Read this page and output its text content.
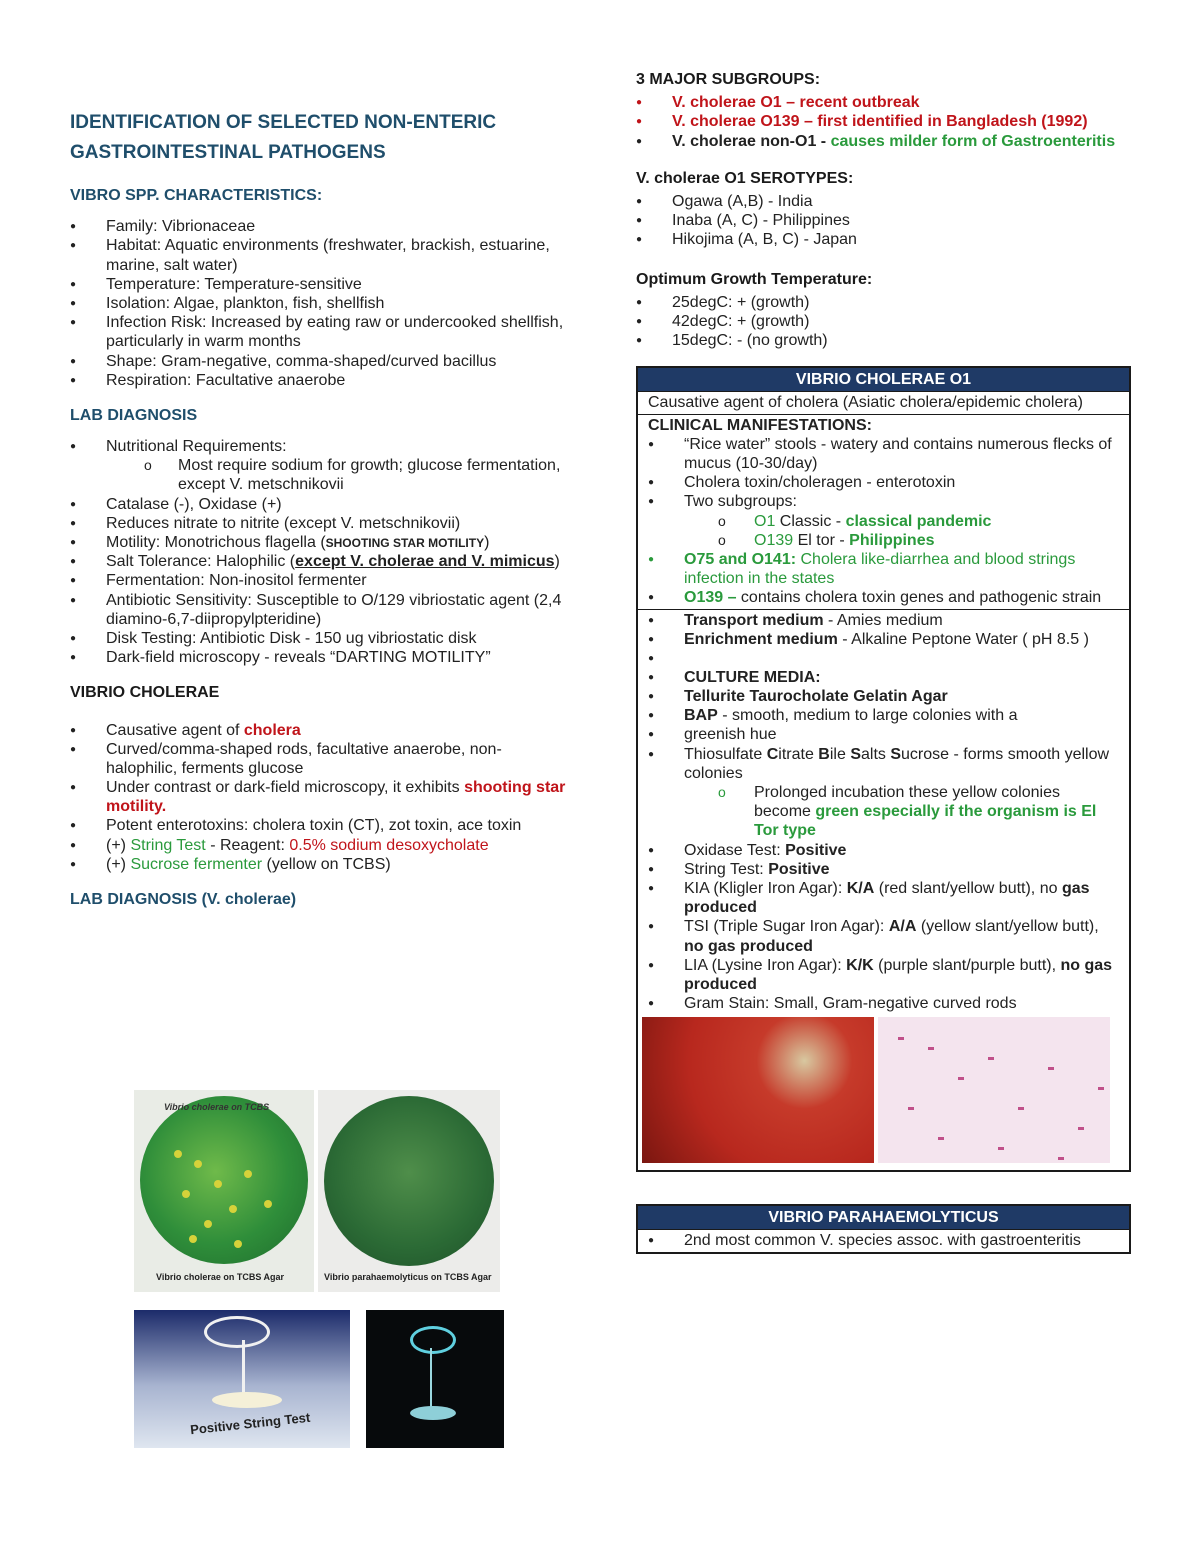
IDENTIFICATION OF SELECTED NON-ENTERIC GASTROINTESTINAL PATHOGENS
VIBRO SPP. CHARACTERISTICS:
● Family: Vibrionaceae
● Habitat: Aquatic environments (freshwater, brackish, estuarine, marine, salt water)
● Temperature: Temperature-sensitive
● Isolation: Algae, plankton, fish, shellfish
● Infection Risk: Increased by eating raw or undercooked shellfish, particularly in warm months
● Shape: Gram-negative, comma-shaped/curved bacillus
● Respiration: Facultative anaerobe
LAB DIAGNOSIS
● Nutritional Requirements:
o Most require sodium for growth; glucose fermentation, except V. metschnikovii
● Catalase (-), Oxidase (+)
● Reduces nitrate to nitrite (except V. metschnikovii)
● Motility: Monotrichous flagella (SHOOTING STAR MOTILITY)
● Salt Tolerance: Halophilic (except V. cholerae and V. mimicus)
● Fermentation: Non-inositol fermenter
● Antibiotic Sensitivity: Susceptible to O/129 vibriostatic agent (2,4 diamino-6,7-diipropylpteridine)
● Disk Testing: Antibiotic Disk - 150 ug vibriostatic disk
● Dark-field microscopy - reveals “DARTING MOTILITY”
VIBRIO CHOLERAE
● Causative agent of cholera
● Curved/comma-shaped rods, facultative anaerobe, non-halophilic, ferments glucose
● Under contrast or dark-field microscopy, it exhibits shooting star motility.
● Potent enterotoxins: cholera toxin (CT), zot toxin, ace toxin
● (+) String Test - Reagent: 0.5% sodium desoxycholate
● (+) Sucrose fermenter (yellow on TCBS)
LAB DIAGNOSIS (V. cholerae)
Vibrio cholerae on TCBS
Vibrio cholerae on TCBS Agar	Vibrio parahaemolyticus on TCBS Agar
Positive String Test
3 MAJOR SUBGROUPS:
● V. cholerae O1 – recent outbreak
● V. cholerae O139 – first identified in Bangladesh (1992)
● V. cholerae non-O1 - causes milder form of Gastroenteritis
V. cholerae O1 SEROTYPES:
● Ogawa (A,B) - India
● Inaba (A, C) - Philippines
● Hikojima (A, B, C) - Japan
Optimum Growth Temperature:
● 25degC: + (growth)
● 42degC: + (growth)
● 15degC: - (no growth)
VIBRIO CHOLERAE O1
Causative agent of cholera (Asiatic cholera/epidemic cholera)

CLINICAL MANIFESTATIONS:
● “Rice water” stools - watery and contains numerous flecks of mucus (10-30/day)
● Cholera toxin/choleragen - enterotoxin
● Two subgroups:
o O1 Classic - classical pandemic
o O139 El tor - Philippines
● O75 and O141: Cholera like-diarrhea and blood strings infection in the states
● O139 – contains cholera toxin genes and pathogenic strain

● Transport medium - Amies medium
● Enrichment medium - Alkaline Peptone Water ( pH 8.5 )
●
● CULTURE MEDIA:
● Tellurite Taurocholate Gelatin Agar
● BAP - smooth, medium to large colonies with a
● greenish hue
● Thiosulfate Citrate Bile Salts Sucrose - forms smooth yellow colonies
o Prolonged incubation these yellow colonies become green especially if the organism is El Tor type
● Oxidase Test: Positive
● String Test: Positive
● KIA (Kligler Iron Agar): K/A (red slant/yellow butt), no gas produced
● TSI (Triple Sugar Iron Agar): A/A (yellow slant/yellow butt), no gas produced
● LIA (Lysine Iron Agar): K/K (purple slant/purple butt), no gas produced
● Gram Stain: Small, Gram-negative curved rods
VIBRIO PARAHAEMOLYTICUS

● 2nd most common V. species assoc. with gastroenteritis
